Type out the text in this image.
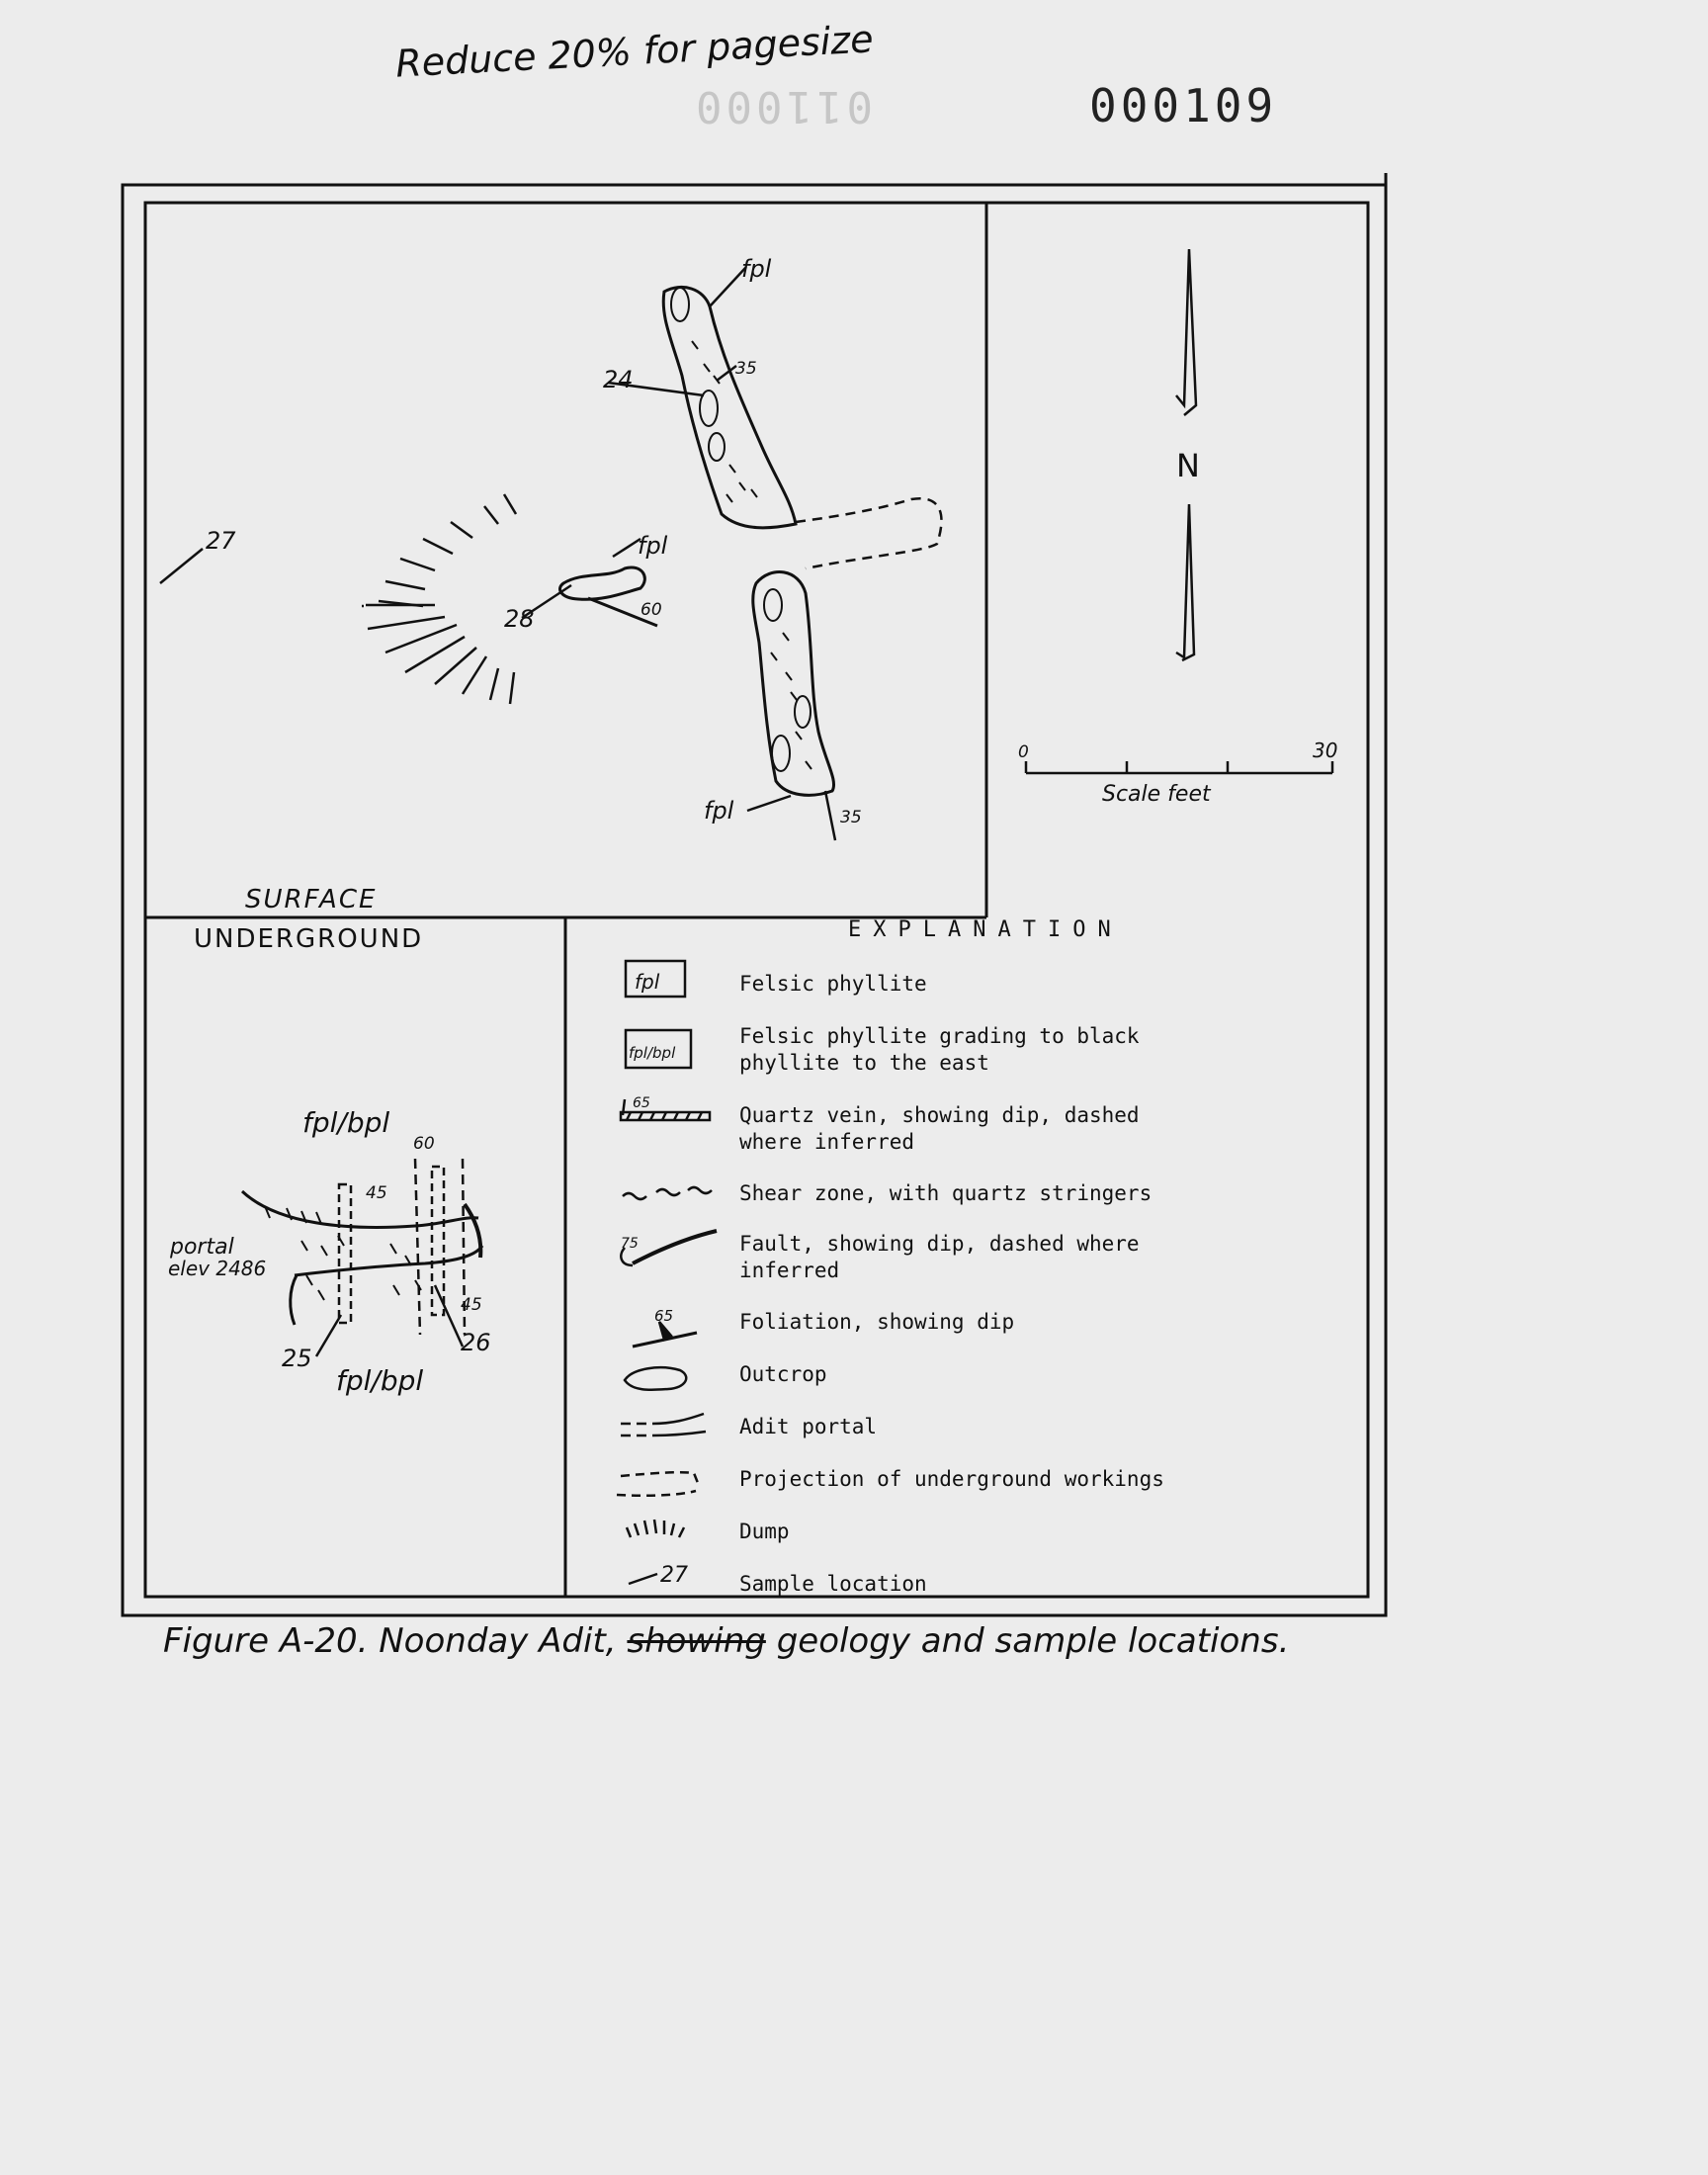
Reduce 20% for pagesize
011000	000109
fpl
35
24
fpl	35
fpl
60
28
27
N
0	30
Scale feet
SURFACE
UNDERGROUND
fpl/bpl
fpl/bpl
portal
elev 2486
45
60
45
25
26
fpl
fpl/bpl
65
75
65
27
EXPLANATION
Felsic phyllite
Felsic phyllite grading to black
phyllite to the east
Quartz vein, showing dip, dashed
where inferred
Shear zone, with quartz stringers
Fault, showing dip, dashed where
inferred
Foliation, showing dip
Outcrop
Adit portal
Projection of underground workings
Dump
Sample location
Figure A-20. Noonday Adit, showing geology and sample locations.
